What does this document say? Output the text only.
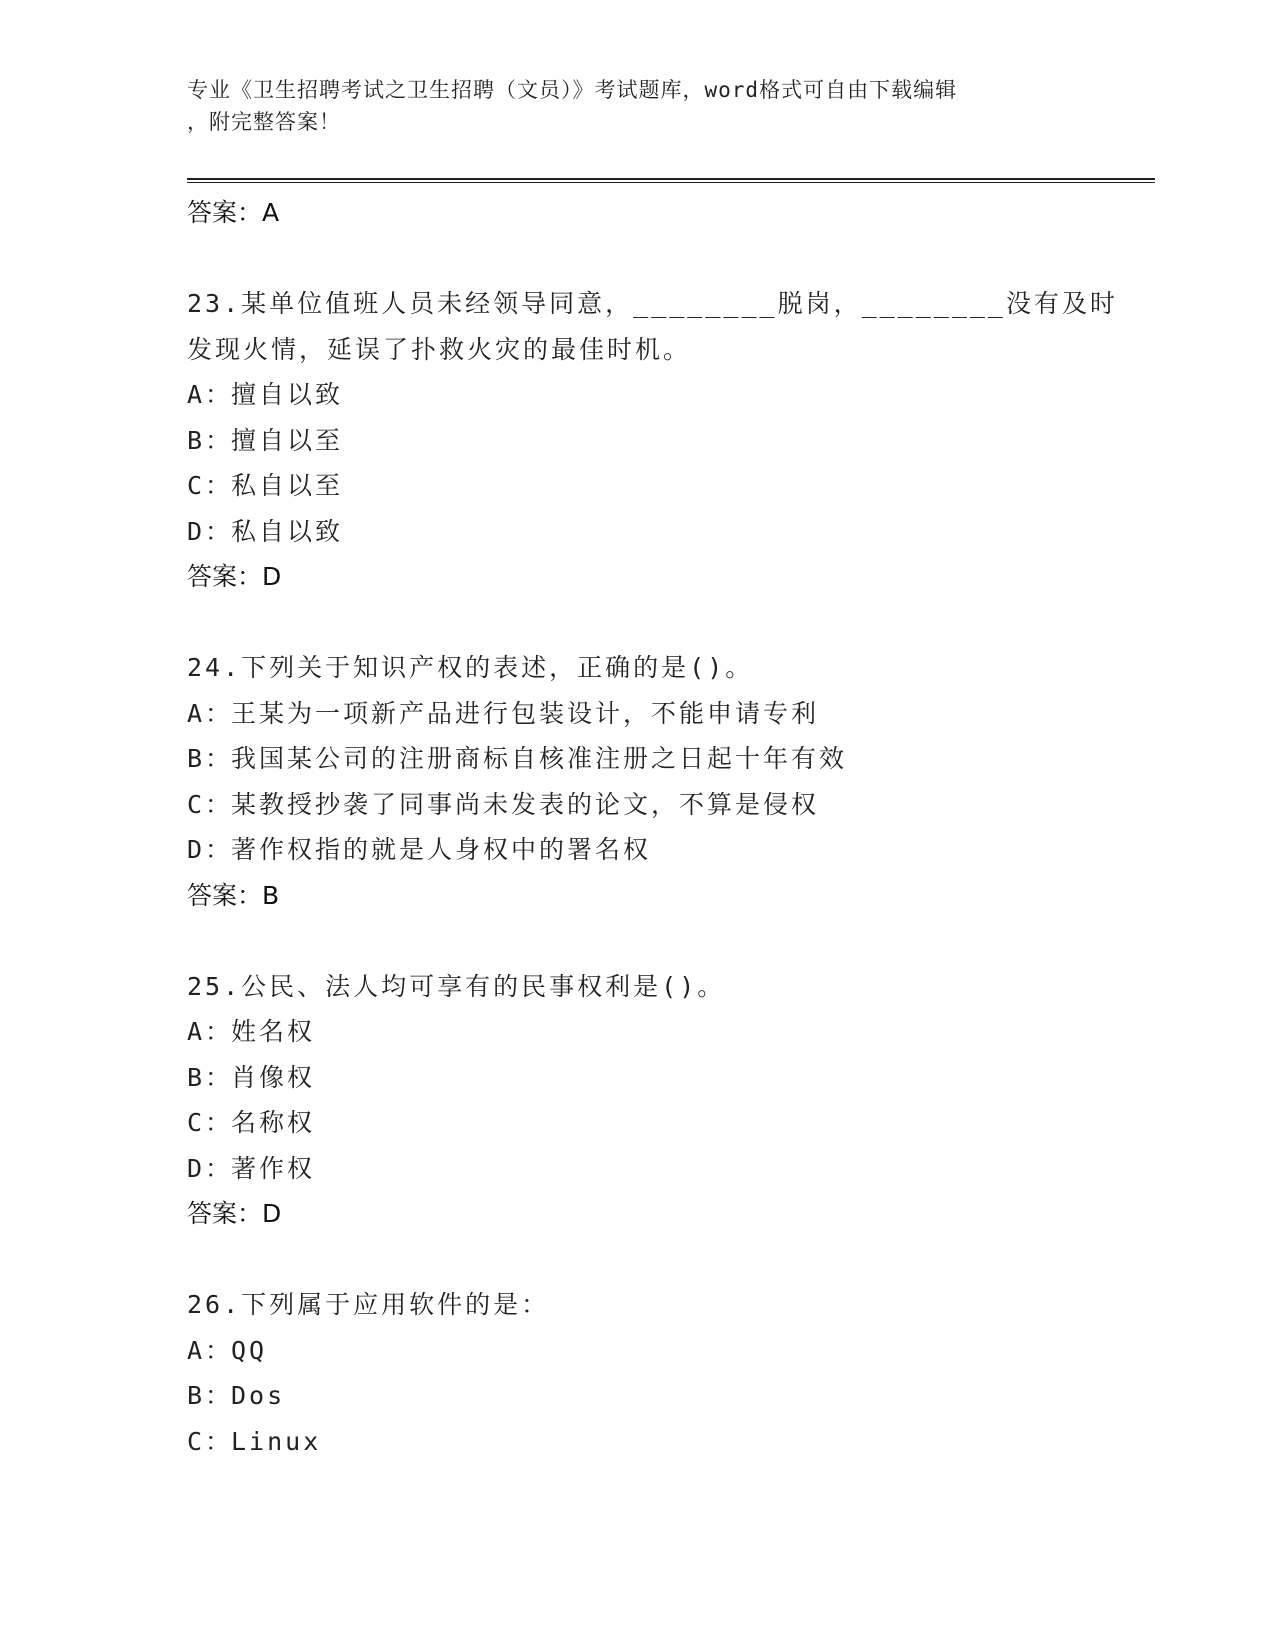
专业《卫生招聘考试之卫生招聘（文员）》考试题库，word格式可自由下载编辑
，附完整答案！
答案：A
23.某单位值班人员未经领导同意，________脱岗，________没有及时
发现火情，延误了扑救火灾的最佳时机。
A：擅自以致
B：擅自以至
C：私自以至
D：私自以致
答案：D
24.下列关于知识产权的表述，正确的是()。
A：王某为一项新产品进行包装设计，不能申请专利
B：我国某公司的注册商标自核准注册之日起十年有效
C：某教授抄袭了同事尚未发表的论文，不算是侵权
D：著作权指的就是人身权中的署名权
答案：B
25.公民、法人均可享有的民事权利是()。
A：姓名权
B：肖像权
C：名称权
D：著作权
答案：D
26.下列属于应用软件的是：
A：QQ
B：Dos
C：Linux
